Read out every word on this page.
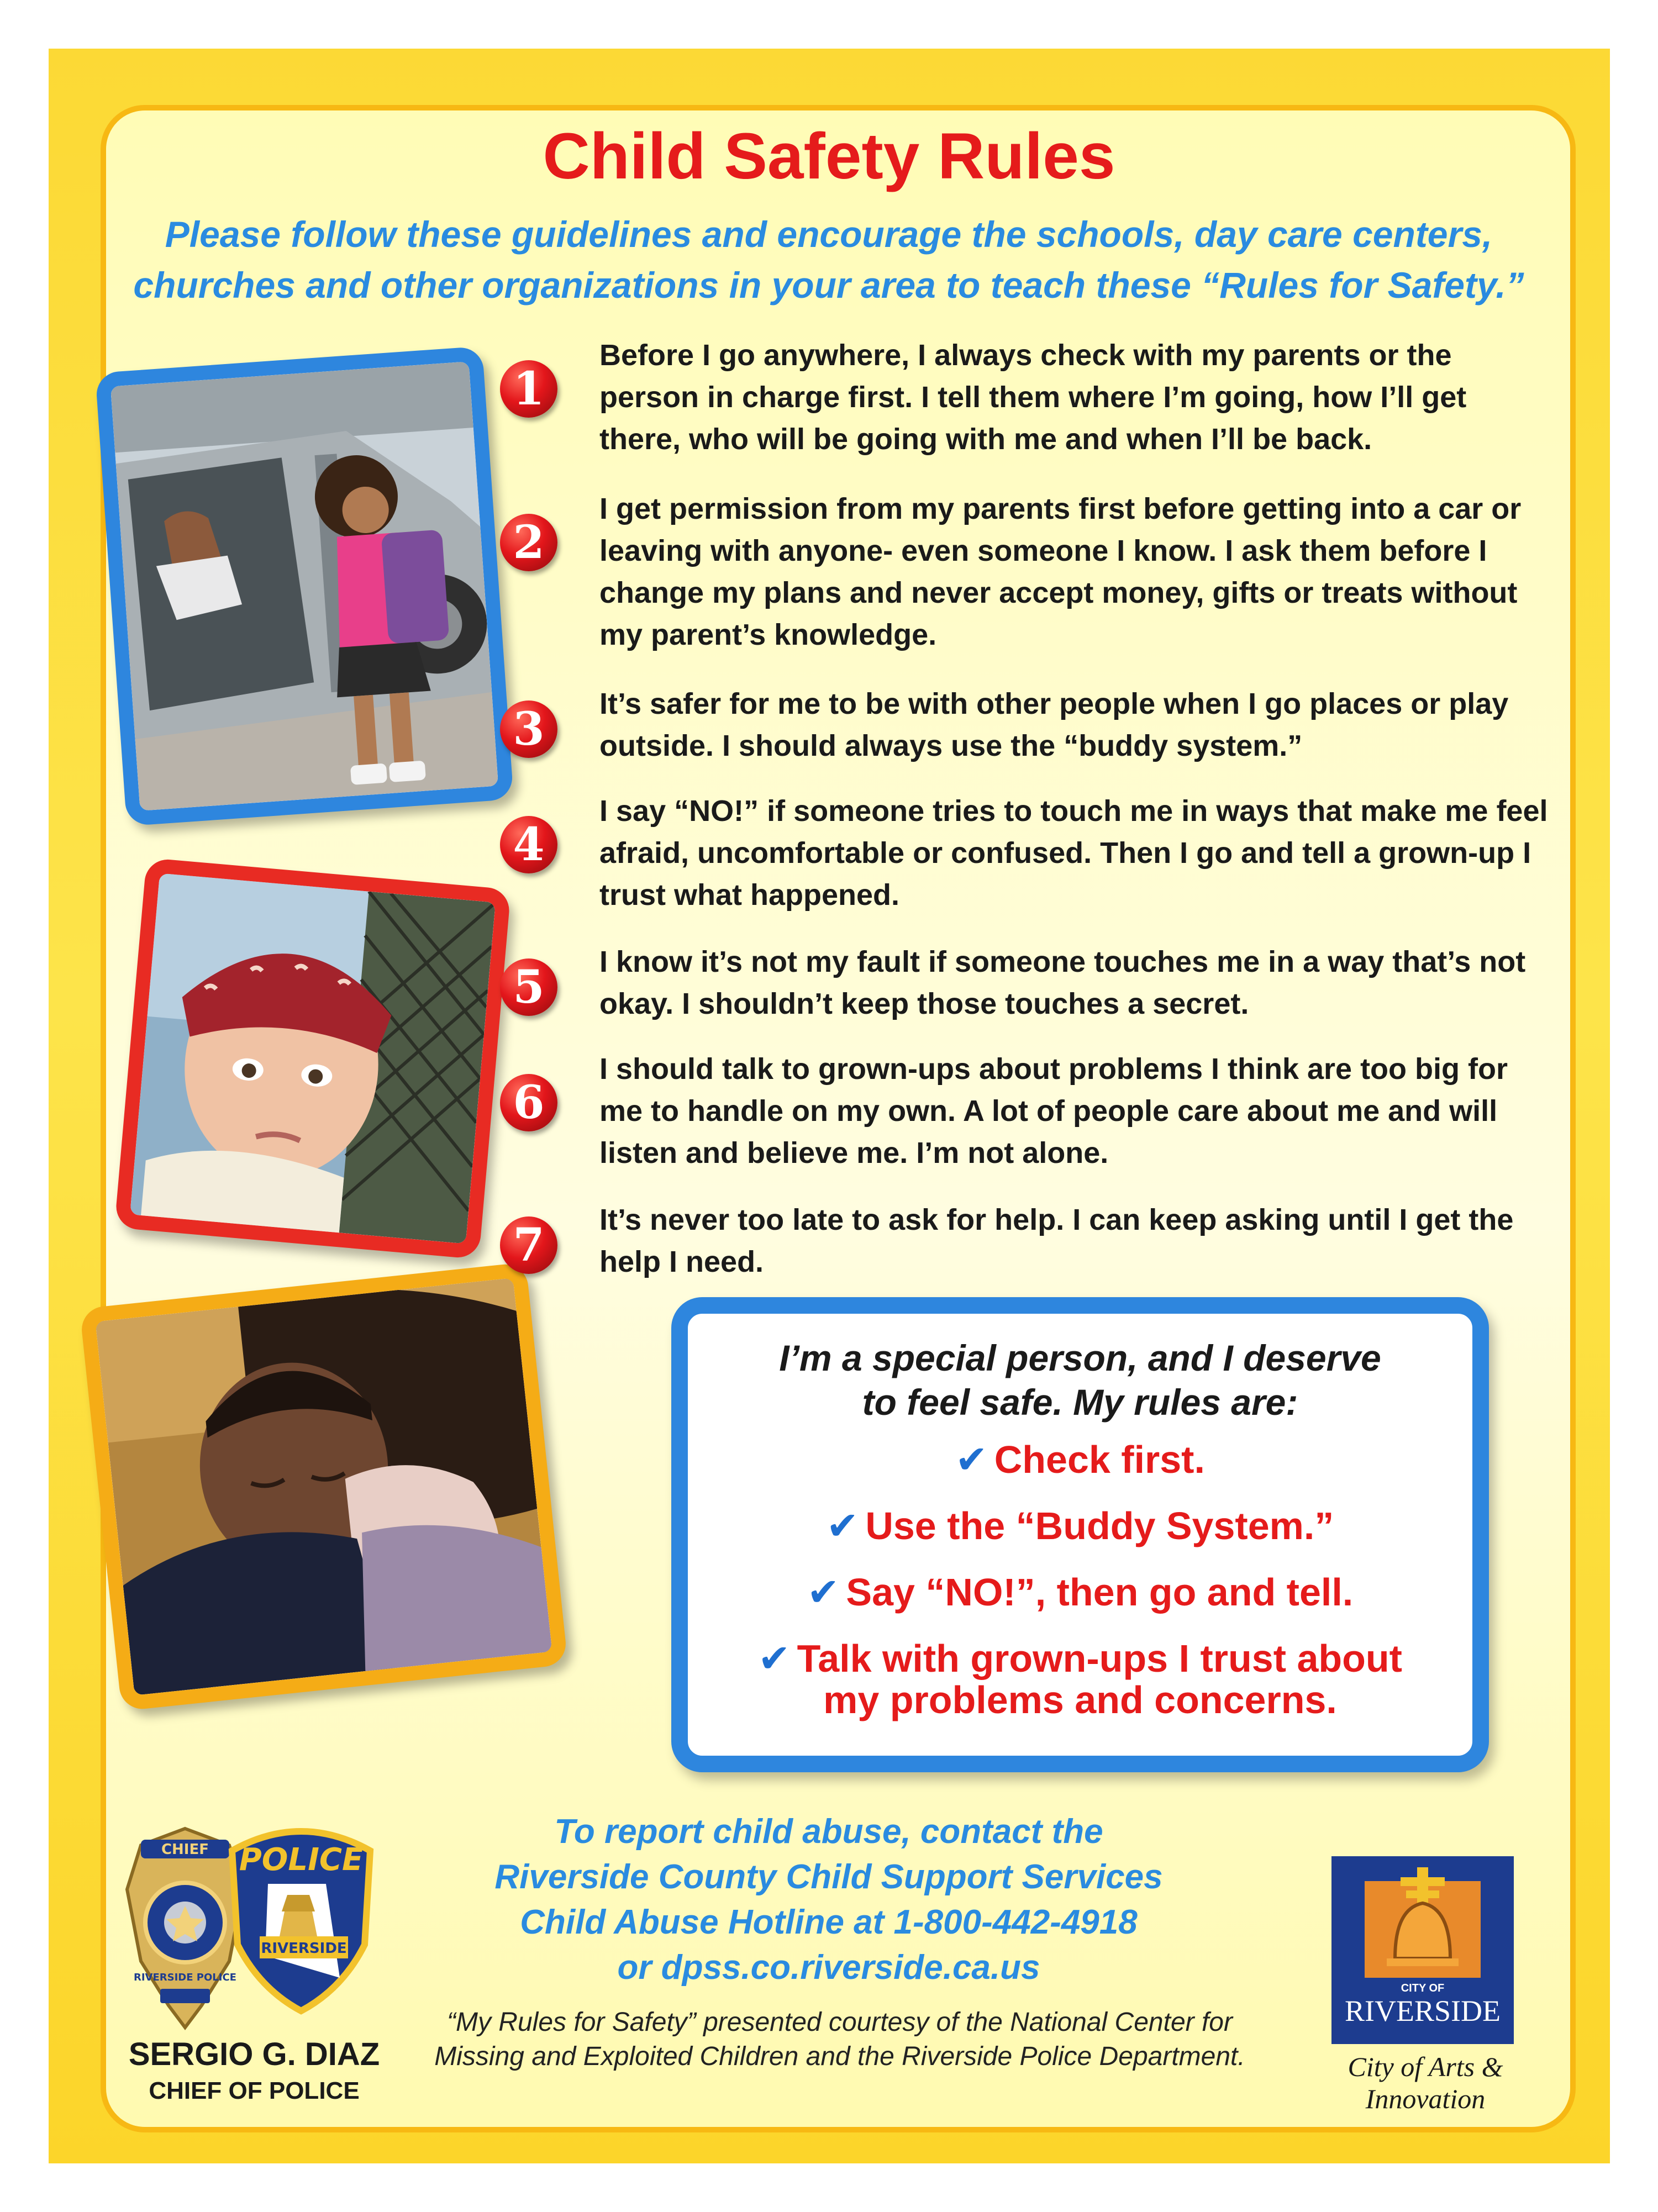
Child Safety Rules
Please follow these guidelines and encourage the schools, day care centers, churches and other organizations in your area to teach these “Rules for Safety.”
1
Before I go anywhere, I always check with my parents or the person in charge first. I tell them where I’m going, how I’ll get there, who will be going with me and when I’ll be back.
2
I get permission from my parents first before getting into a car or leaving with anyone- even someone I know. I ask them before I change my plans and never accept money, gifts or treats without my parent’s knowledge.
3	It’s safer for me to be with other people when I go places or play outside. I should always use the “buddy system.”
4
I say “NO!” if someone tries to touch me in ways that make me feel afraid, uncomfortable or confused. Then I go and tell a grown-up I trust what happened.
5	I know it’s not my fault if someone touches me in a way that’s not okay. I shouldn’t keep those touches a secret.
6
I should talk to grown-ups about problems I think are too big for me to handle on my own. A lot of people care about me and will listen and believe me. I’m not alone.
7	It’s never too late to ask for help. I can keep asking until I get the help I need.
I’m a special person, and I deserve
to feel safe. My rules are:
✔ Check first.
✔ Use the “Buddy System.”
✔ Say “NO!”, then go and tell.
✔ Talk with grown-ups I trust about
my problems and concerns.
To report child abuse, contact the
Riverside County Child Support Services
Child Abuse Hotline at 1-800-442-4918
or dpss.co.riverside.ca.us
“My Rules for Safety” presented courtesy of the National Center for
Missing and Exploited Children and the Riverside Police Department.
CHIEF
RIVERSIDE POLICE
POLICE
RIVERSIDE
SERGIO G. DIAZ
CHIEF OF POLICE
CITY OF
RIVERSIDE
City of Arts & Innovation
